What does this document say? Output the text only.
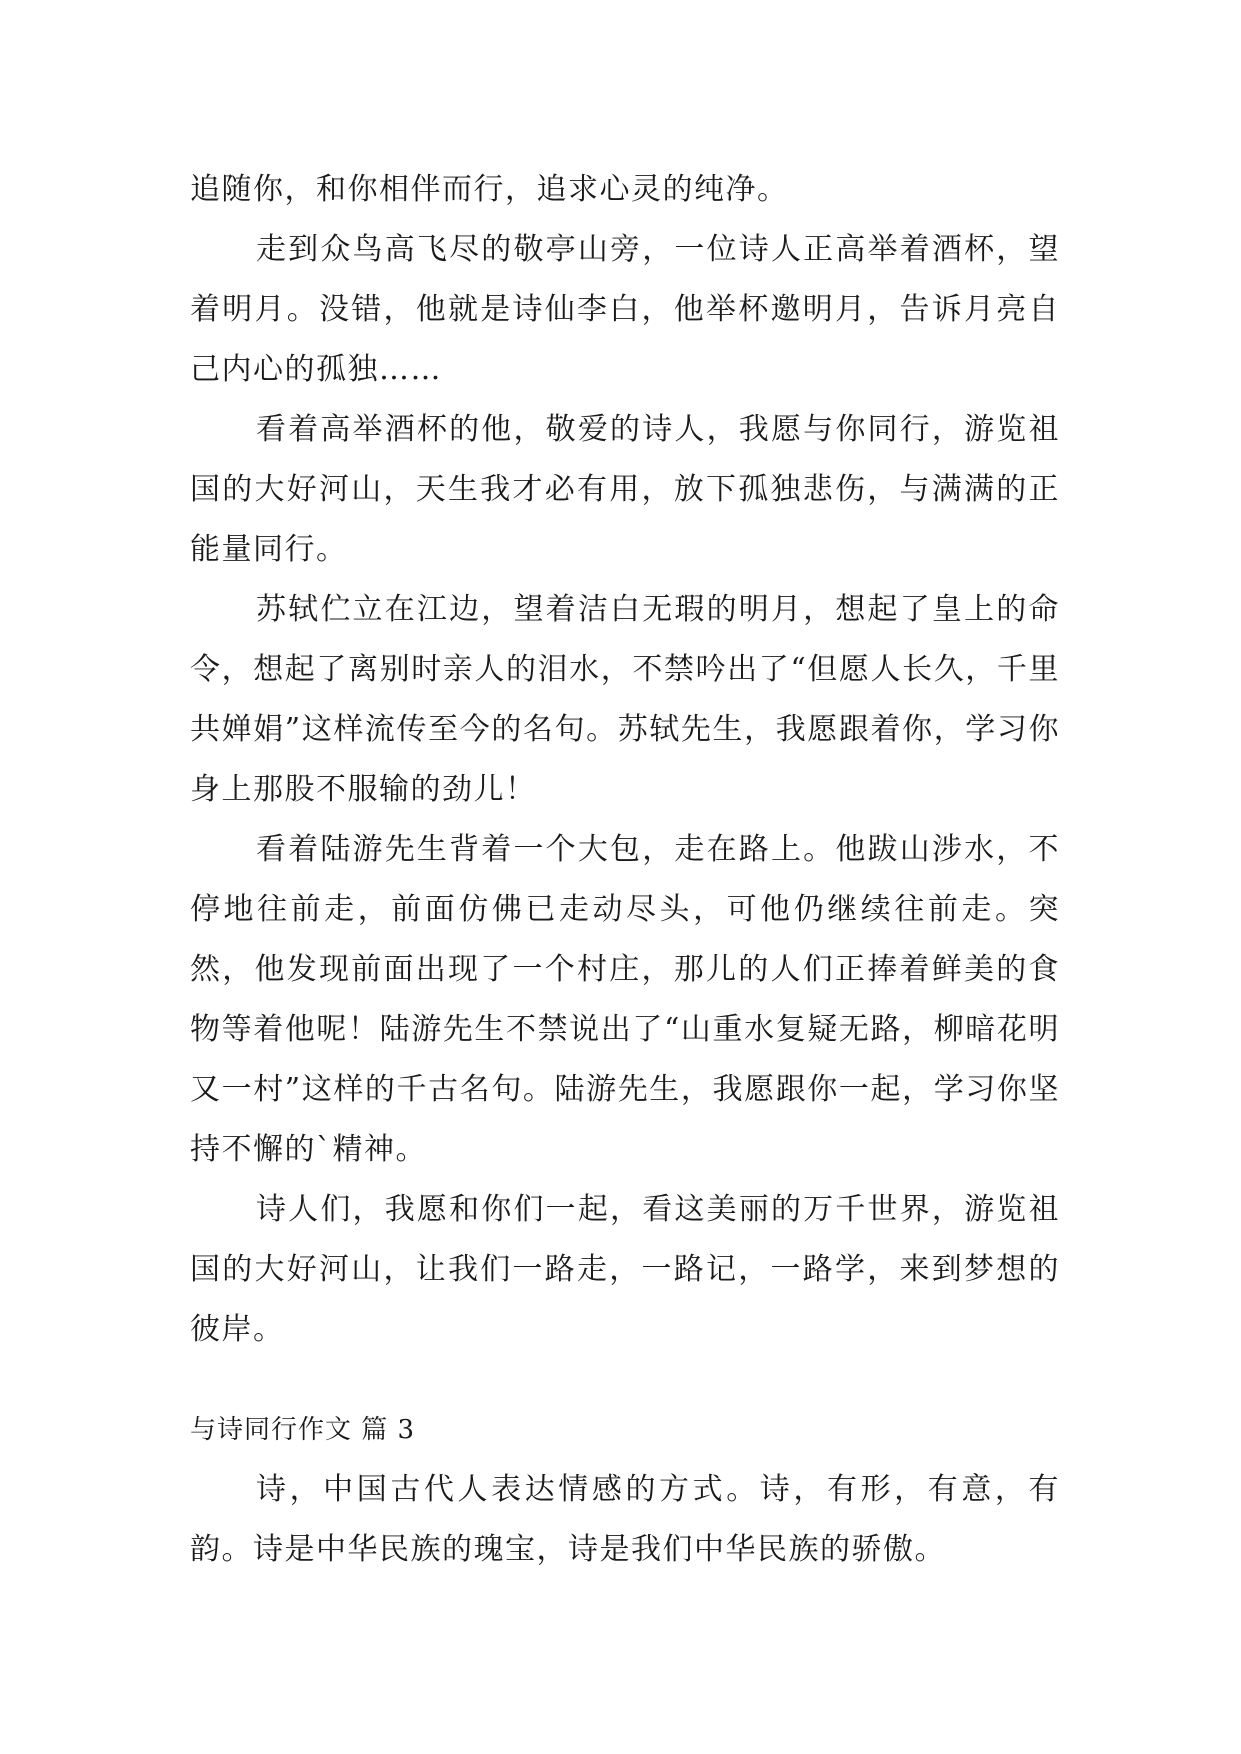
追随你，和你相伴而行，追求心灵的纯净。

走到众鸟高飞尽的敬亭山旁，一位诗人正高举着酒杯，望着明月。没错，他就是诗仙李白，他举杯邀明月，告诉月亮自己内心的孤独……

看着高举酒杯的他，敬爱的诗人，我愿与你同行，游览祖国的大好河山，天生我才必有用，放下孤独悲伤，与满满的正能量同行。

苏轼伫立在江边，望着洁白无瑕的明月，想起了皇上的命令，想起了离别时亲人的泪水，不禁吟出了“但愿人长久，千里共婵娟”这样流传至今的名句。苏轼先生，我愿跟着你，学习你身上那股不服输的劲儿！

看着陆游先生背着一个大包，走在路上。他跋山涉水，不停地往前走，前面仿佛已走动尽头，可他仍继续往前走。突然，他发现前面出现了一个村庄，那儿的人们正捧着鲜美的食物等着他呢！陆游先生不禁说出了“山重水复疑无路，柳暗花明又一村”这样的千古名句。陆游先生，我愿跟你一起，学习你坚持不懈的`精神。

诗人们，我愿和你们一起，看这美丽的万千世界，游览祖国的大好河山，让我们一路走，一路记，一路学，来到梦想的彼岸。

与诗同行作文 篇 3

诗，中国古代人表达情感的方式。诗，有形，有意，有韵。诗是中华民族的瑰宝，诗是我们中华民族的骄傲。
